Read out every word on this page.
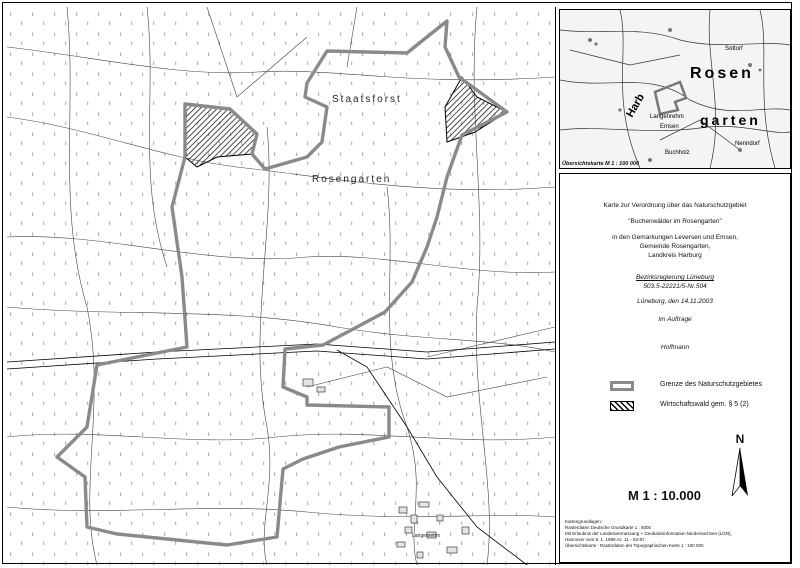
Staatsforst
Rosengarten
Langenrehm
Rosen
garten
Harb
Sottorf
Nenndorf
Emsen
Langenrehm
Buchholz
Übersichtskarte M 1 : 100 000
Karte zur Verordnung über das Naturschutzgebiet
"Buchenwälder im Rosengarten"
in den Gemarkungen Leversen und Emsen,
Gemeinde Rosengarten,
Landkreis Harburg
Bezirksregierung Lüneburg
503.5-22221/5-Nr.504
Lüneburg, den 14.11.2003
Im Auftrage
Hoffmann
Grenze des Naturschutzgebietes
Wirtschaftswald gem. § 5 (2)
N
M 1 : 10.000
Kartengrundlagen:
Rasterdaten Deutsche Grundkarte 1 : 5000
Mit Erlaubnis der Landesvermessung + Geobasisinformation Niedersachsen (LGN),
Hannover vom 8. 1. 1999 Az. 11 - 53-97.
Übersichtskarte : Rasterdaten der Topographischen Karte 1 : 100 000
